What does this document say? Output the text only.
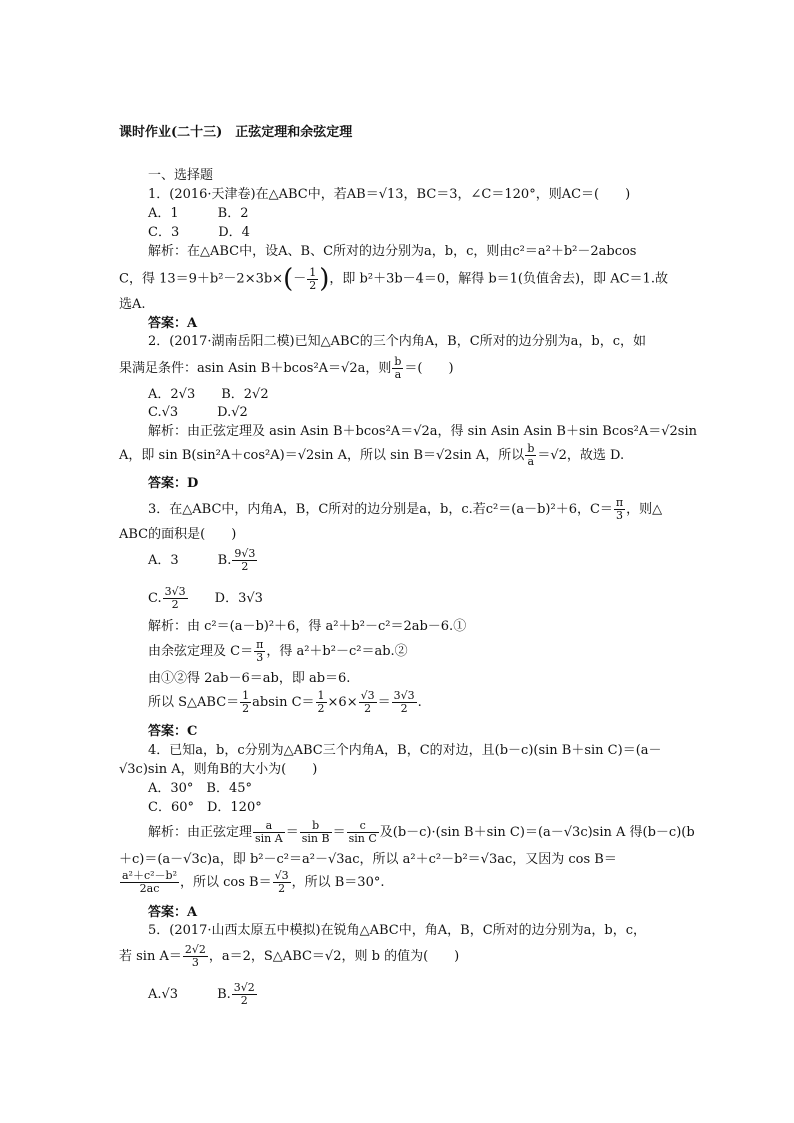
课时作业(二十三)　正弦定理和余弦定理
一、选择题
1．(2016·天津卷)在△ABC中，若AB＝√13，BC＝3，∠C＝120°，则AC＝(　　)
A．1　　　B．2
C．3　　　D．4
解析：在△ABC中，设A、B、C所对的边分别为a，b，c，则由c²＝a²＋b²－2abcos
C，得 $13=9+b^2-2\times 3b\times(- \frac{1}{2}$ )，即 b²＋3b－4＝0，解得 b＝1(负值舍去)，即 AC＝1.故
选A.
答案：A
2．(2017·湖南岳阳二模)已知△ABC的三个内角A，B，C所对的边分别为a，b，c，如
果满足条件：asin Asin B＋bcos²A＝√2a，则 $\frac{b}{a}$ ＝(　　)
A．2√3　　B．2√2
C.√3　　　D.√2
解析：由正弦定理及 asin Asin B＋bcos²A＝√2a，得 sin Asin Asin B＋sin Bcos²A＝√2sin
A，即 sin B(sin²A＋cos²A)＝√2sin A，所以 sin B＝√2sin A，所以 $\frac{b}{a} =√2$，故选 D.
答案：D
3．在△ABC中，内角A，B，C所对的边分别是a，b，c.若c²＝(a－b)²＋6，$C= \frac{\pi}{3}$ ，则△
ABC的面积是(　　)
A．3　　　B. $\frac{9√3}{2}$
C. $\frac{3√3}{2}$ 　　D．3√3
解析：由 c²＝(a－b)²＋6，得 a²＋b²－c²＝2ab－6.①
由余弦定理及 $C= \frac{\pi}{3}$ ，得 a²＋b²－c²＝ab.②
由①②得 2ab－6＝ab，即 ab＝6.
所以 S△ABC＝ $\frac{1}{2}$ absin $C= \frac{1}{2} \times 6\times \frac{√3}{2} = \frac{3√3}{2}$ .
答案：C
4．已知a，b，c分别为△ABC三个内角A，B，C的对边，且(b－c)(sin B＋sin C)＝(a－
√3c)sin A，则角B的大小为(　　)
A．30°　B．45°
C．60°　D．120°
解析：由正弦定理 $\frac{a}{\text{sin A}} = \frac{b}{\text{sin B}} = \frac{c}{\text{sin C}}$ 及(b－c)·(sin B＋sin C)＝(a－√3c)sin A 得(b－c)(b
＋c)＝(a－√3c)a，即 b²－c²＝a²－√3ac，所以 a²＋c²－b²＝√3ac，又因为 cos B＝
$\frac{\text{a²＋c²－b²}}{2ac}$ ，所以 $\cos B= \frac{√3}{2}$ ，所以 B＝30°.
答案：A
5．(2017·山西太原五中模拟)在锐角△ABC中，角A，B，C所对的边分别为a，b，c，
若 $\sin A= \frac{2√2}{3}$ ，a＝2，S△ABC＝√2，则 b 的值为(　　)
A.√3　　　B. $\frac{3√2}{2}$
